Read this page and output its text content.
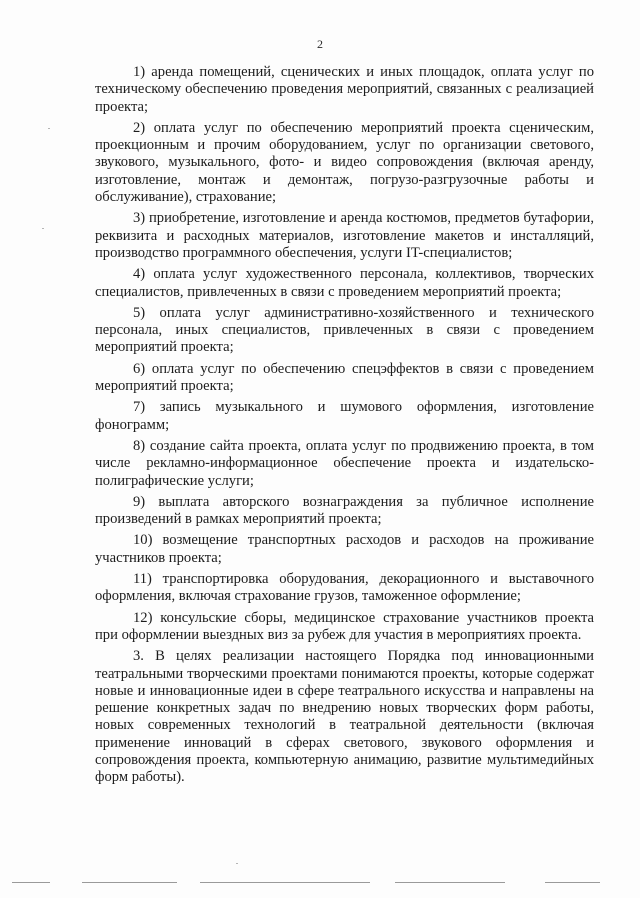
2

1) аренда помещений, сценических и иных площадок, оплата услуг по техническому обеспечению проведения мероприятий, связанных с реализацией проекта;

2) оплата услуг по обеспечению мероприятий проекта сценическим, проекционным и прочим оборудованием, услуг по организации светового, звукового, музыкального, фото- и видео сопровождения (включая аренду, изготовление, монтаж и демонтаж, погрузо-разгрузочные работы и обслуживание), страхование;

3) приобретение, изготовление и аренда костюмов, предметов бутафории, реквизита и расходных материалов, изготовление макетов и инсталляций, производство программного обеспечения, услуги IT-специалистов;

4) оплата услуг художественного персонала, коллективов, творческих специалистов, привлеченных в связи с проведением мероприятий проекта;

5) оплата услуг административно-хозяйственного и технического персонала, иных специалистов, привлеченных в связи с проведением мероприятий проекта;

6) оплата услуг по обеспечению спецэффектов в связи с проведением мероприятий проекта;

7) запись музыкального и шумового оформления, изготовление фонограмм;

8) создание сайта проекта, оплата услуг по продвижению проекта, в том числе рекламно-информационное обеспечение проекта и издательско-полиграфические услуги;

9) выплата авторского вознаграждения за публичное исполнение произведений в рамках мероприятий проекта;

10) возмещение транспортных расходов и расходов на проживание участников проекта;

11) транспортировка оборудования, декорационного и выставочного оформления, включая страхование грузов, таможенное оформление;

12) консульские сборы, медицинское страхование участников проекта при оформлении выездных виз за рубеж для участия в мероприятиях проекта.

3. В целях реализации настоящего Порядка под инновационными театральными творческими проектами понимаются проекты, которые содержат новые и инновационные идеи в сфере театрального искусства и направлены на решение конкретных задач по внедрению новых творческих форм работы, новых современных технологий в театральной деятельности (включая применение инноваций в сферах светового, звукового оформления и сопровождения проекта, компьютерную анимацию, развитие мультимедийных форм работы).
